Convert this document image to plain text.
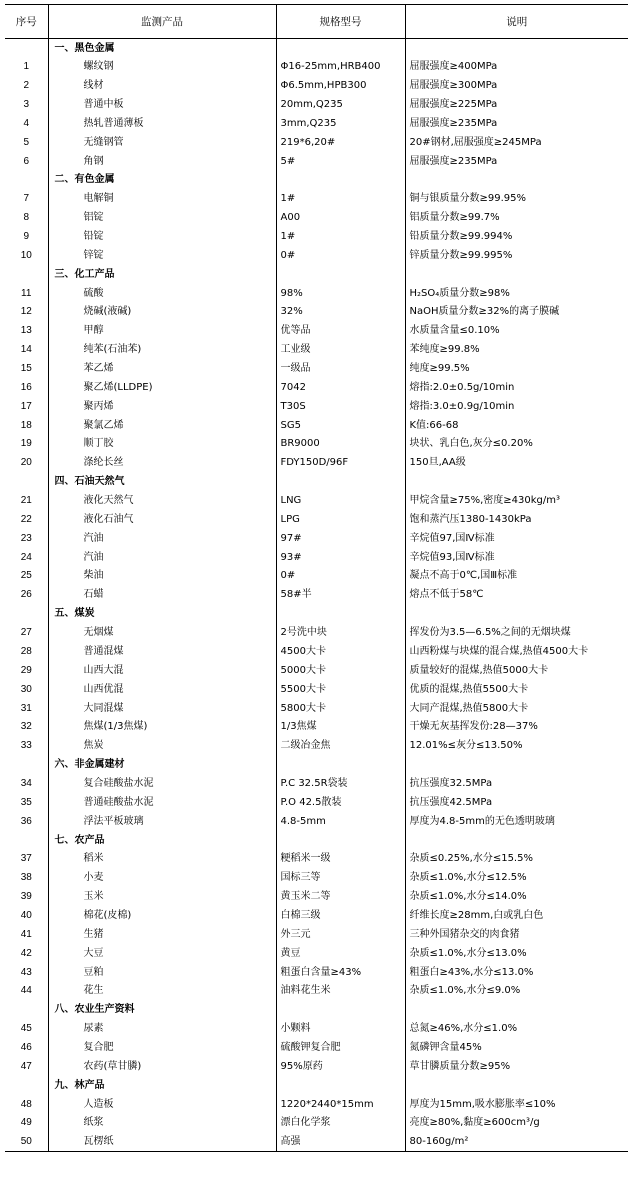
序号	监测产品	规格型号	说明
	一、黑色金属		
1	螺纹钢	Φ16-25mm,HRB400	屈服强度≥400MPa
2	线材	Φ6.5mm,HPB300	屈服强度≥300MPa
3	普通中板	20mm,Q235	屈服强度≥225MPa
4	热轧普通薄板	3mm,Q235	屈服强度≥235MPa
5	无缝钢管	219*6,20#	20#钢材,屈服强度≥245MPa
6	角钢	5#	屈服强度≥235MPa
	二、有色金属		
7	电解铜	1#	铜与银质量分数≥99.95%
8	铝锭	A00	铝质量分数≥99.7%
9	铅锭	1#	铅质量分数≥99.994%
10	锌锭	0#	锌质量分数≥99.995%
	三、化工产品		
11	硫酸	98%	H₂SO₄质量分数≥98%
12	烧碱(液碱)	32%	NaOH质量分数≥32%的离子膜碱
13	甲醇	优等品	水质量含量≤0.10%
14	纯苯(石油苯)	工业级	苯纯度≥99.8%
15	苯乙烯	一级品	纯度≥99.5%
16	聚乙烯(LLDPE)	7042	熔指:2.0±0.5g/10min
17	聚丙烯	T30S	熔指:3.0±0.9g/10min
18	聚氯乙烯	SG5	K值:66-68
19	顺丁胶	BR9000	块状、乳白色,灰分≤0.20%
20	涤纶长丝	FDY150D/96F	150旦,AA级
	四、石油天然气		
21	液化天然气	LNG	甲烷含量≥75%,密度≥430kg/m³
22	液化石油气	LPG	饱和蒸汽压1380-1430kPa
23	汽油	97#	辛烷值97,国Ⅳ标准
24	汽油	93#	辛烷值93,国Ⅳ标准
25	柴油	0#	凝点不高于0℃,国Ⅲ标准
26	石蜡	58#半	熔点不低于58℃
	五、煤炭		
27	无烟煤	2号洗中块	挥发份为3.5—6.5%之间的无烟块煤
28	普通混煤	4500大卡	山西粉煤与块煤的混合煤,热值4500大卡
29	山西大混	5000大卡	质量较好的混煤,热值5000大卡
30	山西优混	5500大卡	优质的混煤,热值5500大卡
31	大同混煤	5800大卡	大同产混煤,热值5800大卡
32	焦煤(1/3焦煤)	1/3焦煤	干燥无灰基挥发份:28—37%
33	焦炭	二级冶金焦	12.01%≤灰分≤13.50%
	六、非金属建材		
34	复合硅酸盐水泥	P.C 32.5R袋装	抗压强度32.5MPa
35	普通硅酸盐水泥	P.O 42.5散装	抗压强度42.5MPa
36	浮法平板玻璃	4.8-5mm	厚度为4.8-5mm的无色透明玻璃
	七、农产品		
37	稻米	粳稻米一级	杂质≤0.25%,水分≤15.5%
38	小麦	国标三等	杂质≤1.0%,水分≤12.5%
39	玉米	黄玉米二等	杂质≤1.0%,水分≤14.0%
40	棉花(皮棉)	白棉三级	纤维长度≥28mm,白或乳白色
41	生猪	外三元	三种外国猪杂交的肉食猪
42	大豆	黄豆	杂质≤1.0%,水分≤13.0%
43	豆粕	粗蛋白含量≥43%	粗蛋白≥43%,水分≤13.0%
44	花生	油料花生米	杂质≤1.0%,水分≤9.0%
	八、农业生产资料		
45	尿素	小颗料	总氮≥46%,水分≤1.0%
46	复合肥	硫酸钾复合肥	氮磷钾含量45%
47	农药(草甘膦)	95%原药	草甘膦质量分数≥95%
	九、林产品		
48	人造板	1220*2440*15mm	厚度为15mm,吸水膨胀率≤10%
49	纸浆	漂白化学浆	亮度≥80%,黏度≥600cm³/g
50	瓦楞纸	高强	80-160g/m²
